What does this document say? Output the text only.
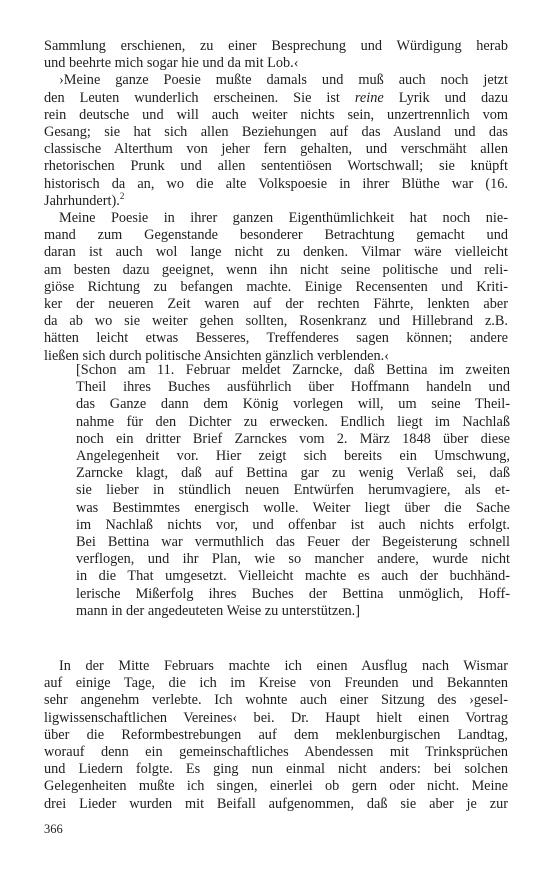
Sammlung erschienen, zu einer Besprechung und Würdigung herab
und beehrte mich sogar hie und da mit Lob.‹
›Meine ganze Poesie mußte damals und muß auch noch jetzt
den Leuten wunderlich erscheinen. Sie ist reine Lyrik und dazu
rein deutsche und will auch weiter nichts sein, unzertrennlich vom
Gesang; sie hat sich allen Beziehungen auf das Ausland und das
classische Alterthum von jeher fern gehalten, und verschmäht allen
rhetorischen Prunk und allen sententiösen Wortschwall; sie knüpft
historisch da an, wo die alte Volkspoesie in ihrer Blüthe war (16.
Jahrhundert).$^2$
Meine Poesie in ihrer ganzen Eigenthümlichkeit hat noch nie-
mand zum Gegenstande besonderer Betrachtung gemacht und
daran ist auch wol lange nicht zu denken. Vilmar wäre vielleicht
am besten dazu geeignet, wenn ihn nicht seine politische und reli-
giöse Richtung zu befangen machte. Einige Recensenten und Kriti-
ker der neueren Zeit waren auf der rechten Fährte, lenkten aber
da ab wo sie weiter gehen sollten, Rosenkranz und Hillebrand z.B.
hätten leicht etwas Besseres, Treffenderes sagen können; andere
ließen sich durch politische Ansichten gänzlich verblenden.‹
[Schon am 11. Februar meldet Zarncke, daß Bettina im zweiten
Theil ihres Buches ausführlich über Hoffmann handeln und
das Ganze dann dem König vorlegen will, um seine Theil-
nahme für den Dichter zu erwecken. Endlich liegt im Nachlaß
noch ein dritter Brief Zarnckes vom 2. März 1848 über diese
Angelegenheit vor. Hier zeigt sich bereits ein Umschwung,
Zarncke klagt, daß auf Bettina gar zu wenig Verlaß sei, daß
sie lieber in stündlich neuen Entwürfen herumvagiere, als et-
was Bestimmtes energisch wolle. Weiter liegt über die Sache
im Nachlaß nichts vor, und offenbar ist auch nichts erfolgt.
Bei Bettina war vermuthlich das Feuer der Begeisterung schnell
verflogen, und ihr Plan, wie so mancher andere, wurde nicht
in die That umgesetzt. Vielleicht machte es auch der buchhänd-
lerische Mißerfolg ihres Buches der Bettina unmöglich, Hoff-
mann in der angedeuteten Weise zu unterstützen.]
In der Mitte Februars machte ich einen Ausflug nach Wismar
auf einige Tage, die ich im Kreise von Freunden und Bekannten
sehr angenehm verlebte. Ich wohnte auch einer Sitzung des ›gesel-
ligwissenschaftlichen Vereines‹ bei. Dr. Haupt hielt einen Vortrag
über die Reformbestrebungen auf dem meklenburgischen Landtag,
worauf denn ein gemeinschaftliches Abendessen mit Trinksprüchen
und Liedern folgte. Es ging nun einmal nicht anders: bei solchen
Gelegenheiten mußte ich singen, einerlei ob gern oder nicht. Meine
drei Lieder wurden mit Beifall aufgenommen, daß sie aber je zur
366
